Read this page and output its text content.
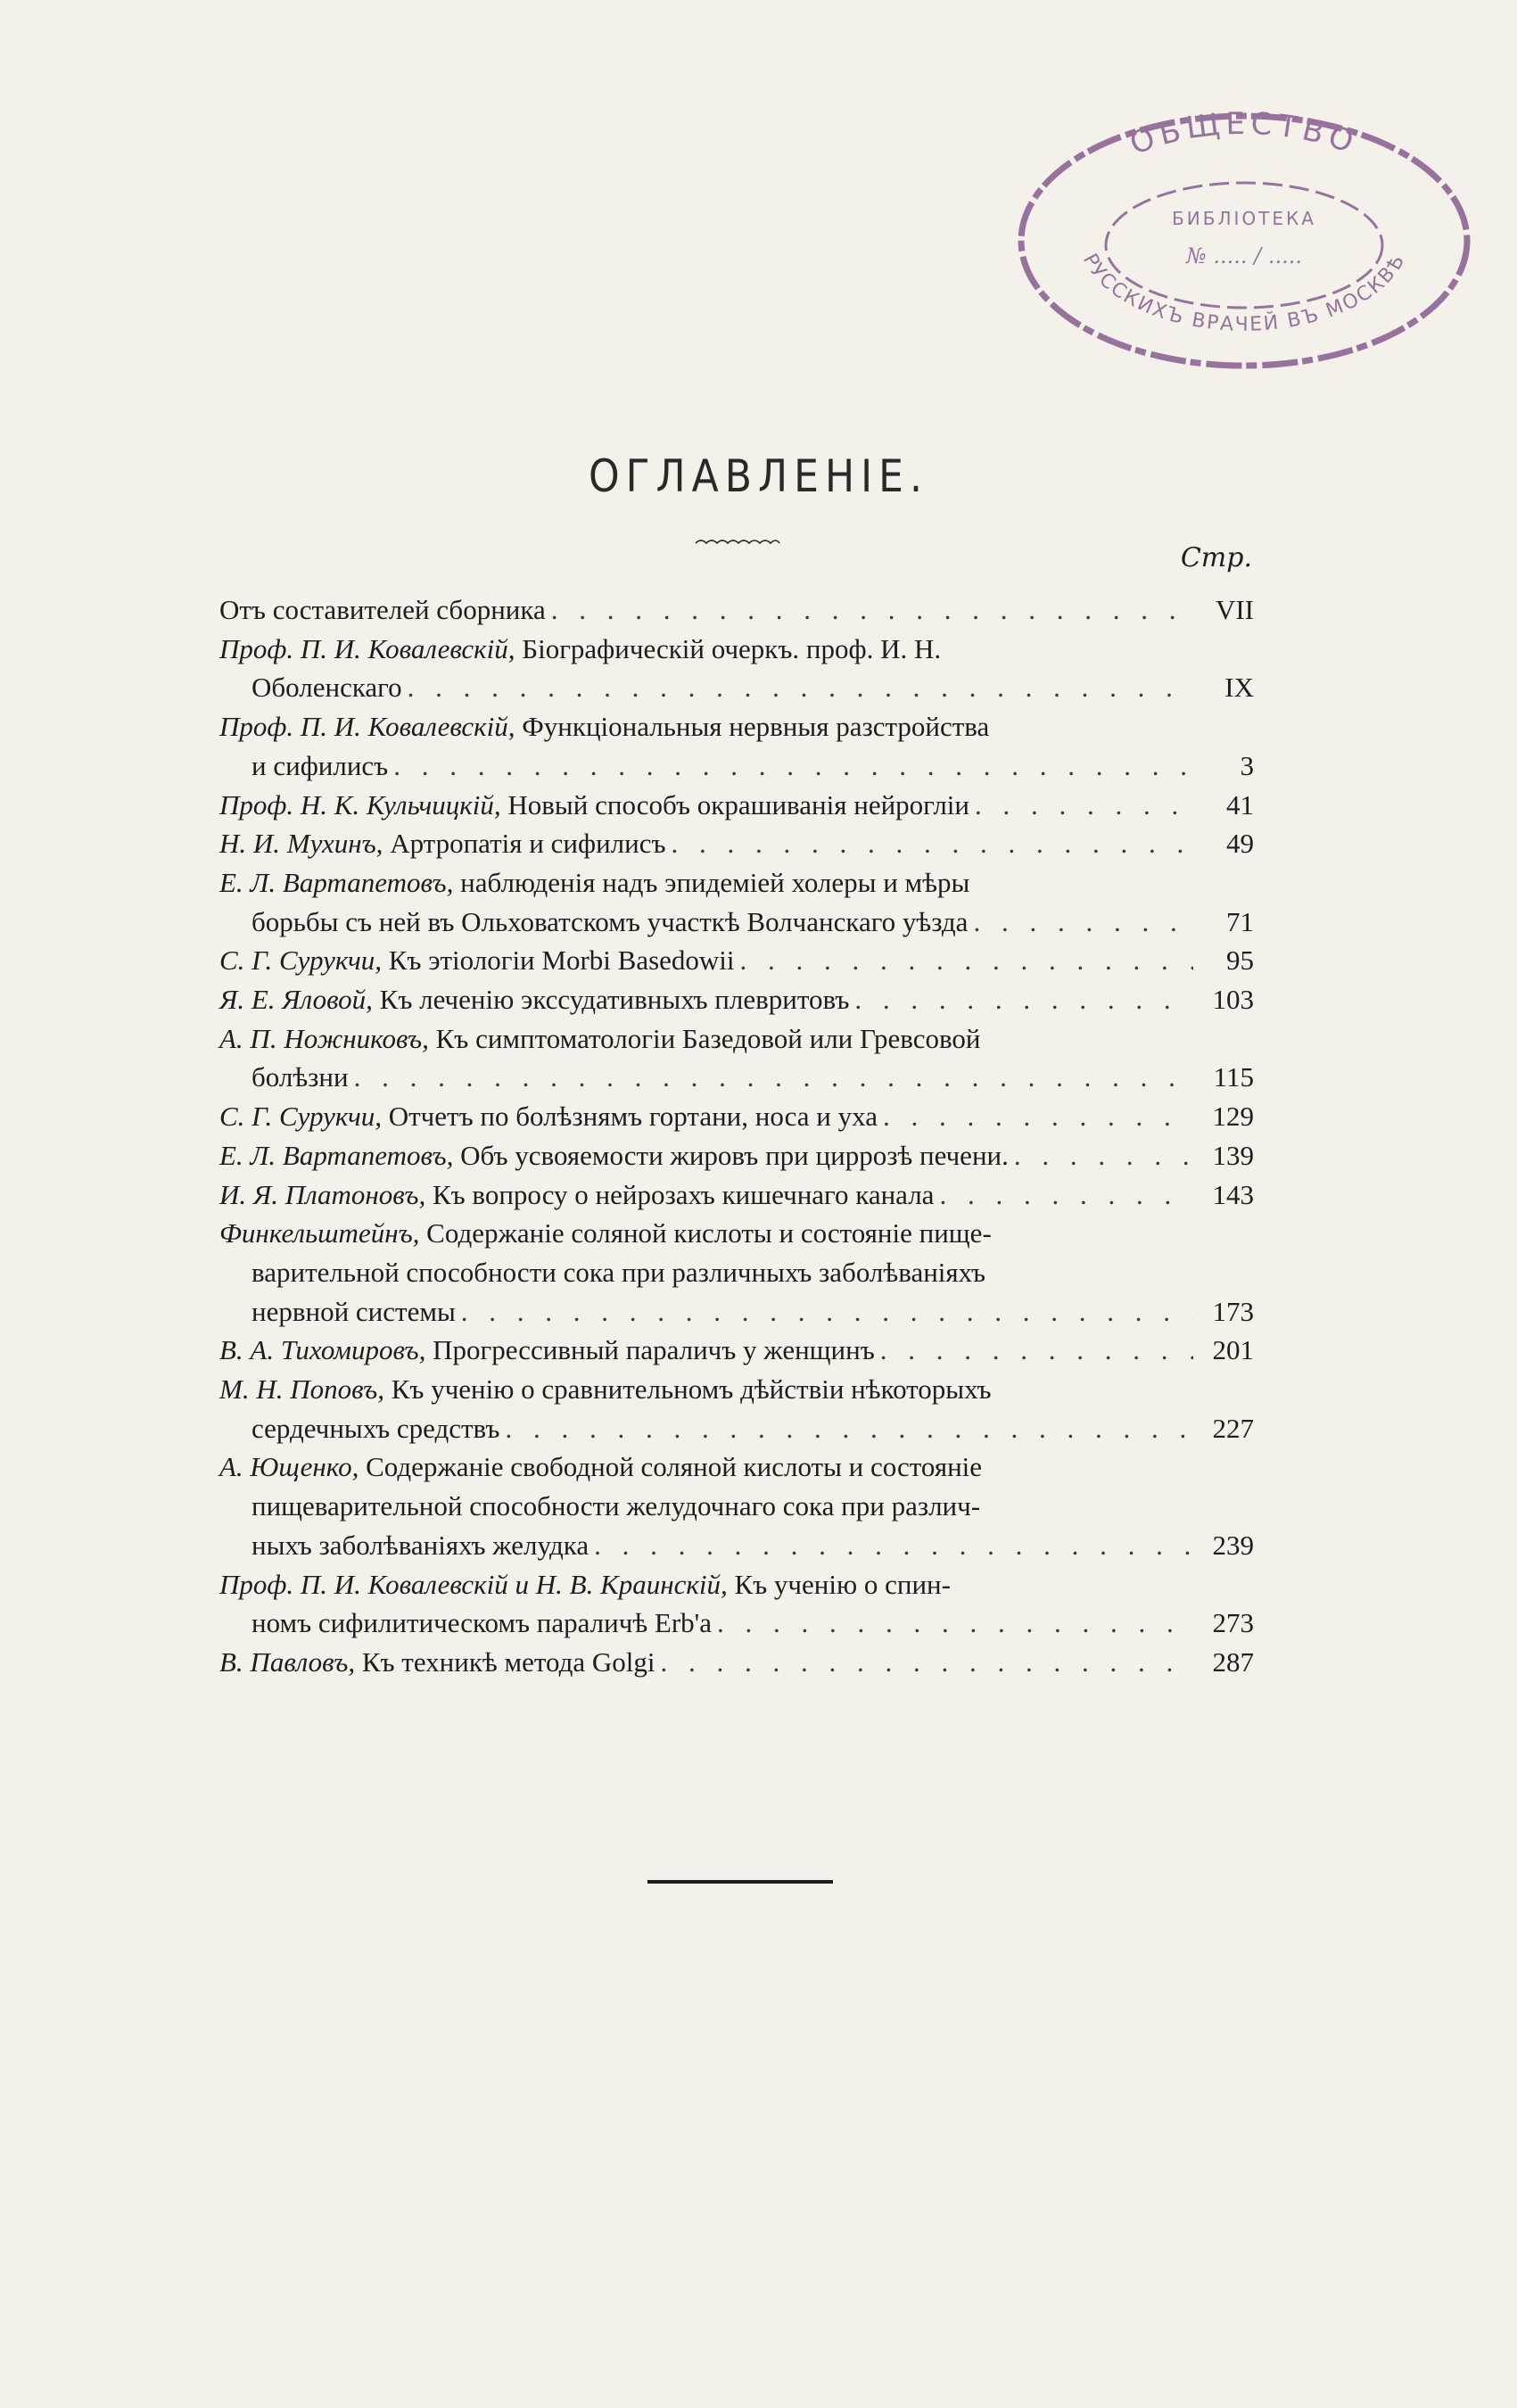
ОБЩЕСТВО
БИБЛІОТЕКА
№ ..... / .....
РУССКИХЪ ВРАЧЕЙ ВЪ МОСКВѢ
ОГЛАВЛЕНІЕ.
Стр.
Отъ составителей сборника . . .	VII
Проф. П. И. Ковалевскій, Біографическій очеркъ. проф. И. Н.
Оболенскаго . . .	IX
Проф. П. И. Ковалевскій, Функціональныя нервныя разстройства
и сифилисъ . . .	3
Проф. Н. К. Кульчицкій, Новый способъ окрашиванія нейроглiи . . .	41
Н. И. Мухинъ, Артропатія и сифилисъ . . .	49
Е. Л. Вартапетовъ, наблюденія надъ эпидеміей холеры и мѣры
борьбы съ ней въ Ольховатскомъ участкѣ Волчанскаго уѣзда . . .	71
С. Г. Сурукчи, Къ этіологіи Morbi Basedowii . . .	95
Я. Е. Яловой, Къ леченію экссудативныхъ плевритовъ . . .	103
А. П. Ножниковъ, Къ симптоматологіи Базедовой или Гревсовой
болѣзни . . .	115
С. Г. Сурукчи, Отчетъ по болѣзнямъ гортани, носа и уха . . .	129
Е. Л. Вартапетовъ, Объ усвояемости жировъ при циррозѣ печени. . . .	139
И. Я. Платоновъ, Къ вопросу о нейрозахъ кишечнаго канала . . .	143
Финкельштейнъ, Содержаніе соляной кислоты и состояніе пище-
варительной способности сока при различныхъ заболѣваніяхъ
нервной системы . . .	173
В. А. Тихомировъ, Прогрессивный параличъ у женщинъ . . .	201
М. Н. Поповъ, Къ ученію о сравнительномъ дѣйствіи нѣкоторыхъ
сердечныхъ средствъ . . .	227
А. Ющенко, Содержаніе свободной соляной кислоты и состояніе
пищеварительной способности желудочнаго сока при различ-
ныхъ заболѣваніяхъ желудка . . .	239
Проф. П. И. Ковалевскій и Н. В. Краинскій, Къ ученію о спин-
номъ сифилитическомъ параличѣ Erb'а . . .	273
В. Павловъ, Къ техникѣ метода Golgi . . .	287
